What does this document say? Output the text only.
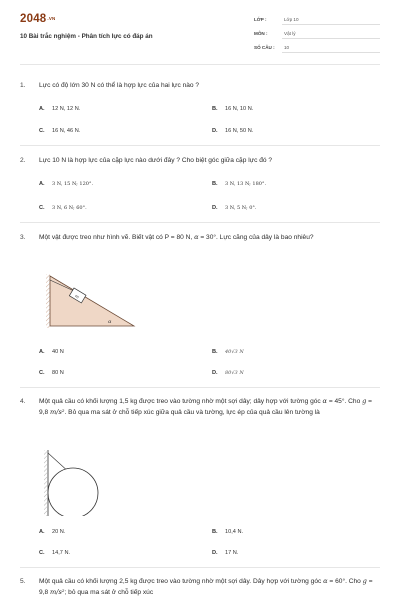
$2048^{.VN}$
10 Bài trắc nghiệm - Phân tích lực có đáp án
LỚP :	Lớp 10
MÔN :	Vật lý
SỐ CÂU : 10
1. Lực có độ lớn 30 N có thể là hợp lực của hai lực nào ?
A. 12 N, 12 N.	B. 16 N, 10 N.
C. 16 N, 46 N.	D. 16 N, 50 N.
2. Lực 10 N là hợp lực của cặp lực nào dưới đây ? Cho biệt góc giữa cặp lực đó ?
A. 3 N, 15 N; 120°.	B. 3 N, 13 N; 180°.
C. 3 N, 6 N; 60°.	D. 3 N, 5 N; 0°.
3. Một vật được treo như hình vẽ. Biết vật có P = 80 N, α = 30°. Lực căng của dây là bao nhiêu?
m
α
A. 40 N	B. 40√3 N
C. 80 N	D. 80√3 N
4. Một quả cầu có khối lượng 1,5 kg được treo vào tường nhờ một sợi dây; dây hợp với tường góc α = 45°. Cho g = 9,8 m/s². Bỏ qua ma sát ở chỗ tiếp xúc giữa quả cầu và tường, lực ép của quả cầu lên tường là
A. 20 N.	B. 10,4 N.
C. 14,7 N.	D. 17 N.
5. Một quả cầu có khối lượng 2,5 kg được treo vào tường nhờ một sợi dây. Dây hợp với tường góc α = 60°. Cho g = 9,8 m/s²; bỏ qua ma sát ở chỗ tiếp xúc
